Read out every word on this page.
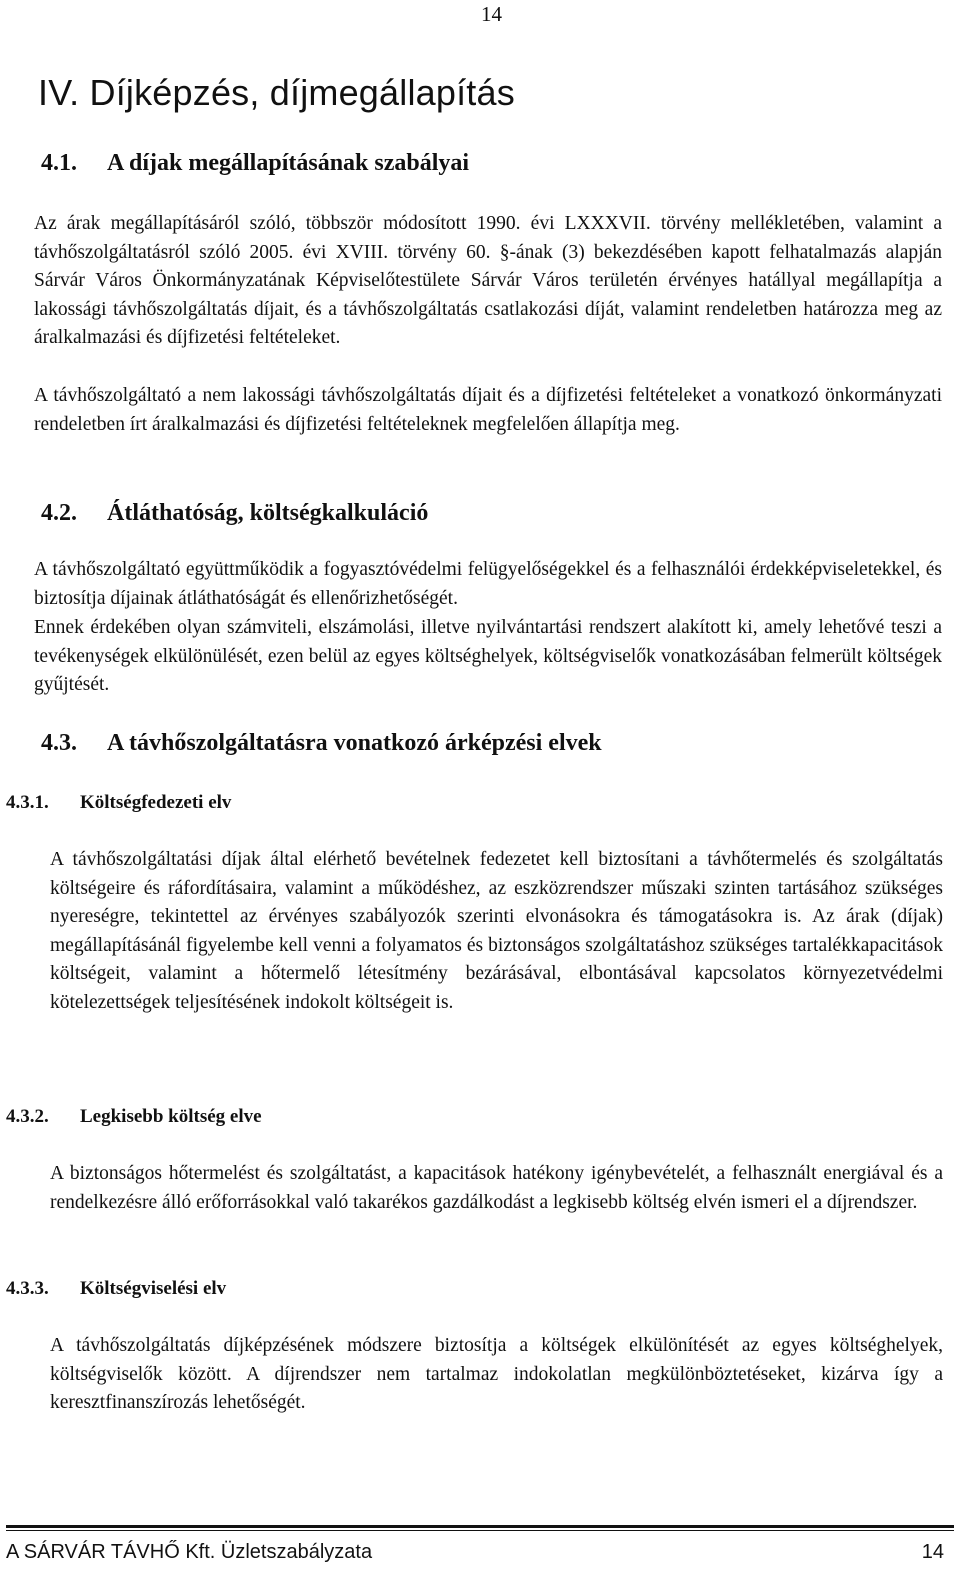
14
IV. Díjképzés, díjmegállapítás
4.1. A díjak megállapításának szabályai

Az árak megállapításáról szóló, többször módosított 1990. évi LXXXVII. törvény mellékletében, valamint a távhőszolgáltatásról szóló 2005. évi XVIII. törvény 60. §-ának (3) bekezdésében kapott felhatalmazás alapján Sárvár Város Önkormányzatának Képviselőtestülete Sárvár Város területén érvényes hatállyal megállapítja a lakossági távhőszolgáltatás díjait, és a távhőszolgáltatás csatlakozási díját, valamint rendeletben határozza meg az áralkalmazási és díjfizetési feltételeket.

A távhőszolgáltató a nem lakossági távhőszolgáltatás díjait és a díjfizetési feltételeket a vonatkozó önkormányzati rendeletben írt áralkalmazási és díjfizetési feltételeknek megfelelően állapítja meg.

4.2. Átláthatóság, költségkalkuláció

A távhőszolgáltató együttműködik a fogyasztóvédelmi felügyelőségekkel és a felhasználói érdekképviseletekkel, és biztosítja díjainak átláthatóságát és ellenőrizhetőségét.

Ennek érdekében olyan számviteli, elszámolási, illetve nyilvántartási rendszert alakított ki, amely lehetővé teszi a tevékenységek elkülönülését, ezen belül az egyes költséghelyek, költségviselők vonatkozásában felmerült költségek gyűjtését.

4.3. A távhőszolgáltatásra vonatkozó árképzési elvek
4.3.1. Költségfedezeti elv

A távhőszolgáltatási díjak által elérhető bevételnek fedezetet kell biztosítani a távhőtermelés és szolgáltatás költségeire és ráfordításaira, valamint a működéshez, az eszközrendszer műszaki szinten tartásához szükséges nyereségre, tekintettel az érvényes szabályozók szerinti elvonásokra és támogatásokra is. Az árak (díjak) megállapításánál figyelembe kell venni a folyamatos és biztonságos szolgáltatáshoz szükséges tartalékkapacitások költségeit, valamint a hőtermelő létesítmény bezárásával, elbontásával kapcsolatos környezetvédelmi kötelezettségek teljesítésének indokolt költségeit is.

4.3.2. Legkisebb költség elve

A biztonságos hőtermelést és szolgáltatást, a kapacitások hatékony igénybevételét, a felhasznált energiával és a rendelkezésre álló erőforrásokkal való takarékos gazdálkodást a legkisebb költség elvén ismeri el a díjrendszer.

4.3.3. Költségviselési elv

A távhőszolgáltatás díjképzésének módszere biztosítja a költségek elkülönítését az egyes költséghelyek, költségviselők között. A díjrendszer nem tartalmaz indokolatlan megkülönböztetéseket, kizárva így a keresztfinanszírozás lehetőségét.

A SÁRVÁR TÁVHŐ Kft. Üzletszabályzata	14
